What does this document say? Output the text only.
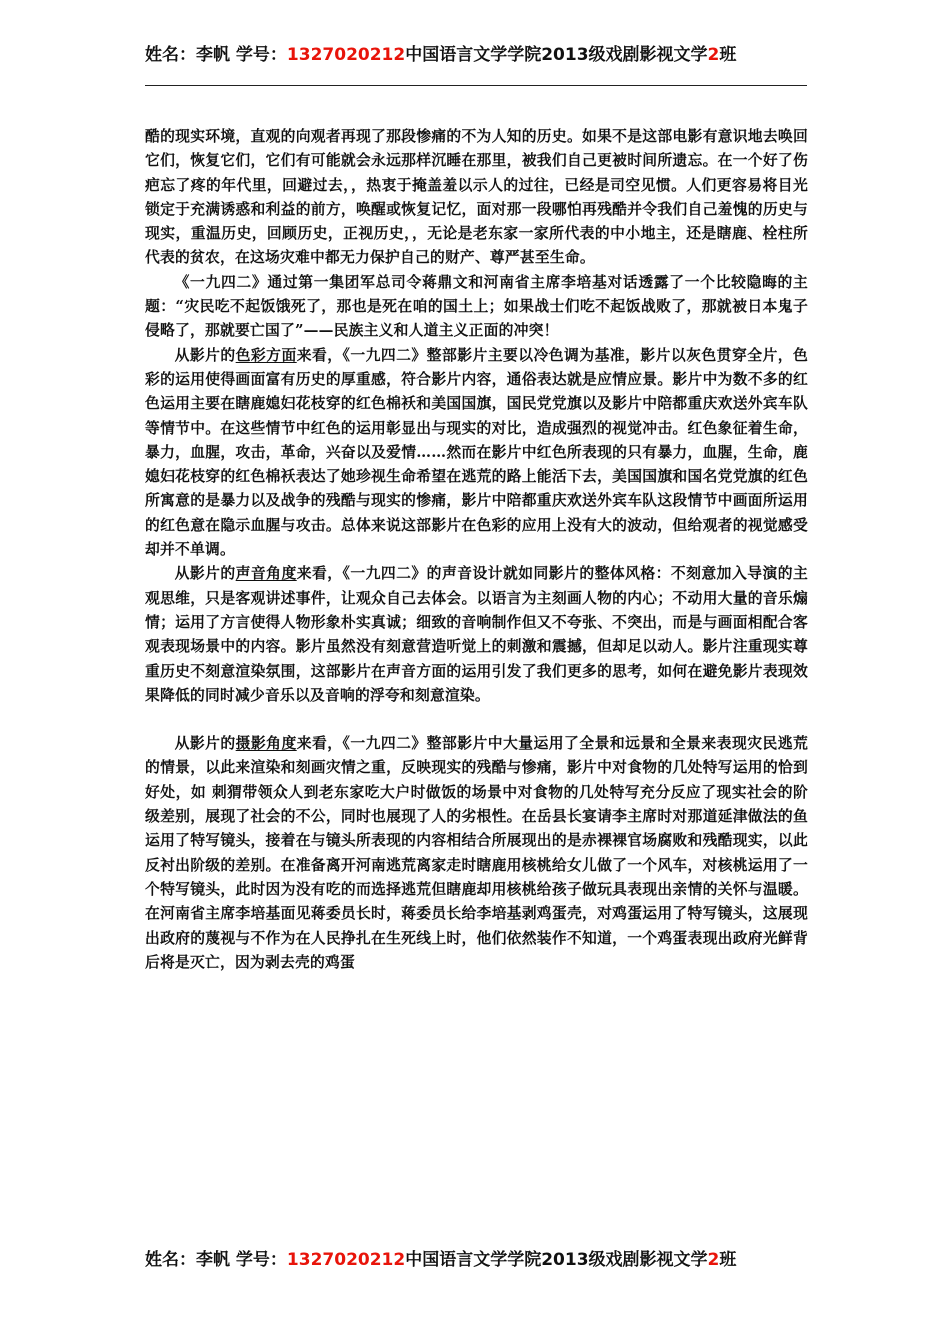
姓名：李帆 学号：1327020212中国语言文学学院2013级戏剧影视文学2班

酷的现实环境，直观的向观者再现了那段惨痛的不为人知的历史。如果不是这部电影有意识地去唤回它们，恢复它们，它们有可能就会永远那样沉睡在那里，被我们自己更被时间所遗忘。在一个好了伤疤忘了疼的年代里，回避过去，，热衷于掩盖羞以示人的过往，已经是司空见惯。人们更容易将目光锁定于充满诱惑和利益的前方，唤醒或恢复记忆，面对那一段哪怕再残酷并令我们自己羞愧的历史与现实，重温历史，回顾历史，正视历史，，无论是老东家一家所代表的中小地主，还是瞎鹿、栓柱所代表的贫农，在这场灾难中都无力保护自己的财产、尊严甚至生命。

《一九四二》通过第一集团军总司令蒋鼎文和河南省主席李培基对话透露了一个比较隐晦的主题：“灾民吃不起饭饿死了，那也是死在咱的国土上；如果战士们吃不起饭战败了，那就被日本鬼子侵略了，那就要亡国了”——民族主义和人道主义正面的冲突！

从影片的色彩方面来看，《一九四二》整部影片主要以冷色调为基准，影片以灰色贯穿全片，色彩的运用使得画面富有历史的厚重感，符合影片内容，通俗表达就是应情应景。影片中为数不多的红色运用主要在瞎鹿媳妇花枝穿的红色棉袄和美国国旗，国民党党旗以及影片中陪都重庆欢送外宾车队等情节中。在这些情节中红色的运用彰显出与现实的对比，造成强烈的视觉冲击。红色象征着生命，暴力，血腥，攻击，革命，兴奋以及爱情……然而在影片中红色所表现的只有暴力，血腥，生命，鹿媳妇花枝穿的红色棉袄表达了她珍视生命希望在逃荒的路上能活下去，美国国旗和国名党党旗的红色所寓意的是暴力以及战争的残酷与现实的惨痛，影片中陪都重庆欢送外宾车队这段情节中画面所运用的红色意在隐示血腥与攻击。总体来说这部影片在色彩的应用上没有大的波动，但给观者的视觉感受却并不单调。

从影片的声音角度来看，《一九四二》的声音设计就如同影片的整体风格：不刻意加入导演的主观思维，只是客观讲述事件，让观众自己去体会。以语言为主刻画人物的内心；不动用大量的音乐煽情；运用了方言使得人物形象朴实真诚；细致的音响制作但又不夸张、不突出，而是与画面相配合客观表现场景中的内容。影片虽然没有刻意营造听觉上的刺激和震撼，但却足以动人。影片注重现实尊重历史不刻意渲染氛围，这部影片在声音方面的运用引发了我们更多的思考，如何在避免影片表现效果降低的同时减少音乐以及音响的浮夸和刻意渲染。

从影片的摄影角度来看，《一九四二》整部影片中大量运用了全景和远景和全景来表现灾民逃荒的情景，以此来渲染和刻画灾情之重，反映现实的残酷与惨痛，影片中对食物的几处特写运用的恰到好处，如 刺猬带领众人到老东家吃大户时做饭的场景中对食物的几处特写充分反应了现实社会的阶级差别，展现了社会的不公，同时也展现了人的劣根性。在岳县长宴请李主席时对那道延津做法的鱼运用了特写镜头，接着在与镜头所表现的内容相结合所展现出的是赤裸裸官场腐败和残酷现实，以此反衬出阶级的差别。在准备离开河南逃荒离家走时瞎鹿用核桃给女儿做了一个风车，对核桃运用了一个特写镜头，此时因为没有吃的而选择逃荒但瞎鹿却用核桃给孩子做玩具表现出亲情的关怀与温暖。在河南省主席李培基面见蒋委员长时，蒋委员长给李培基剥鸡蛋壳，对鸡蛋运用了特写镜头，这展现出政府的蔑视与不作为在人民挣扎在生死线上时，他们依然装作不知道，一个鸡蛋表现出政府光鲜背后将是灭亡，因为剥去壳的鸡蛋

姓名：李帆 学号：1327020212中国语言文学学院2013级戏剧影视文学2班
